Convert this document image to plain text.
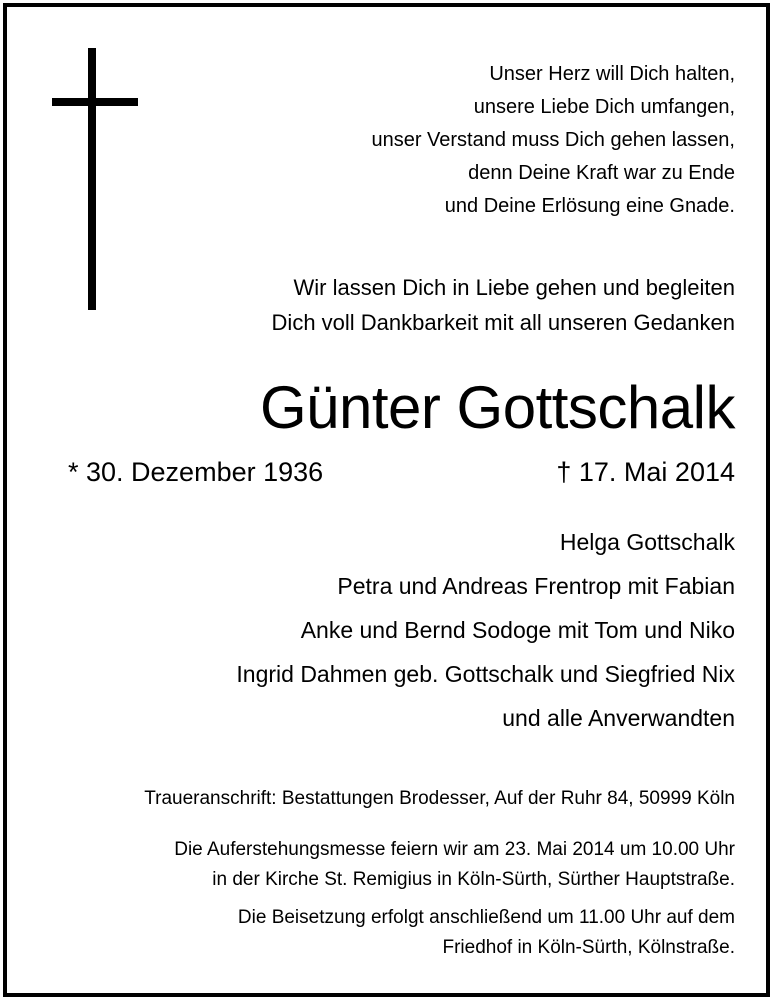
Unser Herz will Dich halten,
unsere Liebe Dich umfangen,
unser Verstand muss Dich gehen lassen,
denn Deine Kraft war zu Ende
und Deine Erlösung eine Gnade.
Wir lassen Dich in Liebe gehen und begleiten
Dich voll Dankbarkeit mit all unseren Gedanken
Günter Gottschalk
* 30. Dezember 1936	† 17. Mai 2014
Helga Gottschalk
Petra und Andreas Frentrop mit Fabian
Anke und Bernd Sodoge mit Tom und Niko
Ingrid Dahmen geb. Gottschalk und Siegfried Nix
und alle Anverwandten
Traueranschrift: Bestattungen Brodesser, Auf der Ruhr 84, 50999 Köln
Die Auferstehungsmesse feiern wir am 23. Mai 2014 um 10.00 Uhr
in der Kirche St. Remigius in Köln-Sürth, Sürther Hauptstraße.
Die Beisetzung erfolgt anschließend um 11.00 Uhr auf dem
Friedhof in Köln-Sürth, Kölnstraße.
